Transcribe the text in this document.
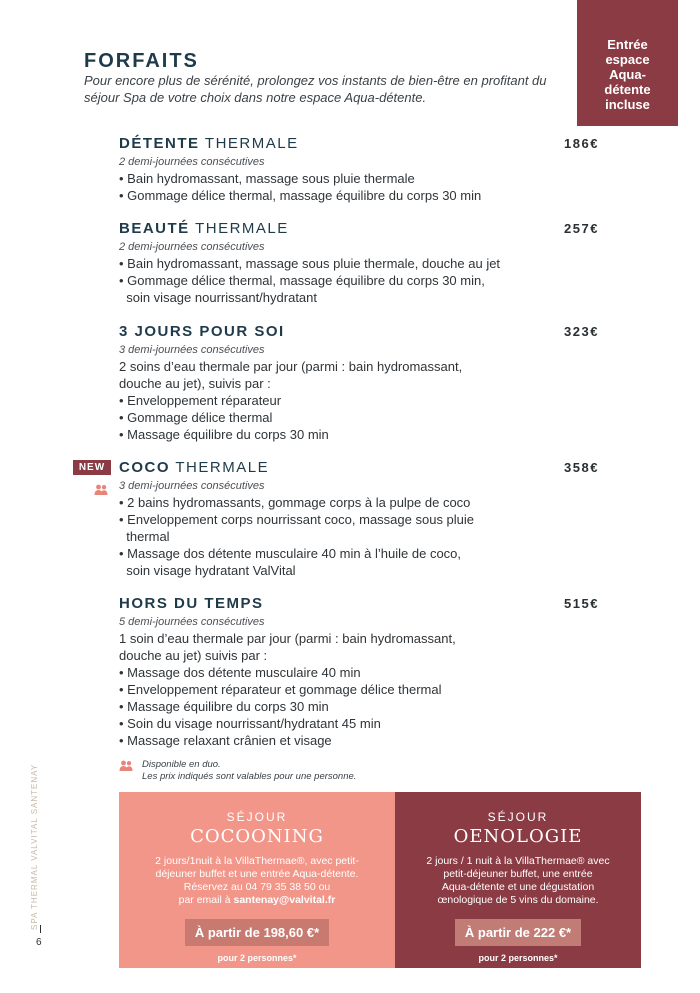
Entrée
espace
Aqua-
détente
incluse
FORFAITS
Pour encore plus de sérénité, prolongez vos instants de bien-être en profitant du séjour Spa de votre choix dans notre espace Aqua-détente.
DÉTENTE THERMALE	186€
2 demi-journées consécutives
• Bain hydromassant, massage sous pluie thermale
• Gommage délice thermal, massage équilibre du corps 30 min
BEAUTÉ THERMALE	257€
2 demi-journées consécutives
• Bain hydromassant, massage sous pluie thermale, douche au jet
• Gommage délice thermal, massage équilibre du corps 30 min,
soin visage nourrissant/hydratant
3 JOURS POUR SOI	323€
3 demi-journées consécutives
2 soins d’eau thermale par jour (parmi : bain hydromassant,
douche au jet), suivis par :
• Enveloppement réparateur
• Gommage délice thermal
• Massage équilibre du corps 30 min
NEW COCO THERMALE	358€
3 demi-journées consécutives
• 2 bains hydromassants, gommage corps à la pulpe de coco
• Enveloppement corps nourrissant coco, massage sous pluie
thermal
• Massage dos détente musculaire 40 min à l’huile de coco,
soin visage hydratant ValVital
HORS DU TEMPS	515€
5 demi-journées consécutives
1 soin d’eau thermale par jour (parmi : bain hydromassant,
douche au jet) suivis par :
• Massage dos détente musculaire 40 min
• Enveloppement réparateur et gommage délice thermal
• Massage équilibre du corps 30 min
• Soin du visage nourrissant/hydratant 45 min
• Massage relaxant crânien et visage
Disponible en duo.
Les prix indiqués sont valables pour une personne.
SPA THERMAL VALVITAL SANTENAY
6
SÉJOUR
COCOONING
2 jours/1nuit à la VillaThermae®, avec petit-
déjeuner buffet et une entrée Aqua-détente.
Réservez au 04 79 35 38 50 ou
par email à santenay@valvital.fr
À partir de 198,60 €*
pour 2 personnes*
SÉJOUR
OENOLOGIE
2 jours / 1 nuit à la VillaThermae® avec
petit-déjeuner buffet, une entrée
Aqua-détente et une dégustation
œnologique de 5 vins du domaine.
À partir de 222 €*
pour 2 personnes*
